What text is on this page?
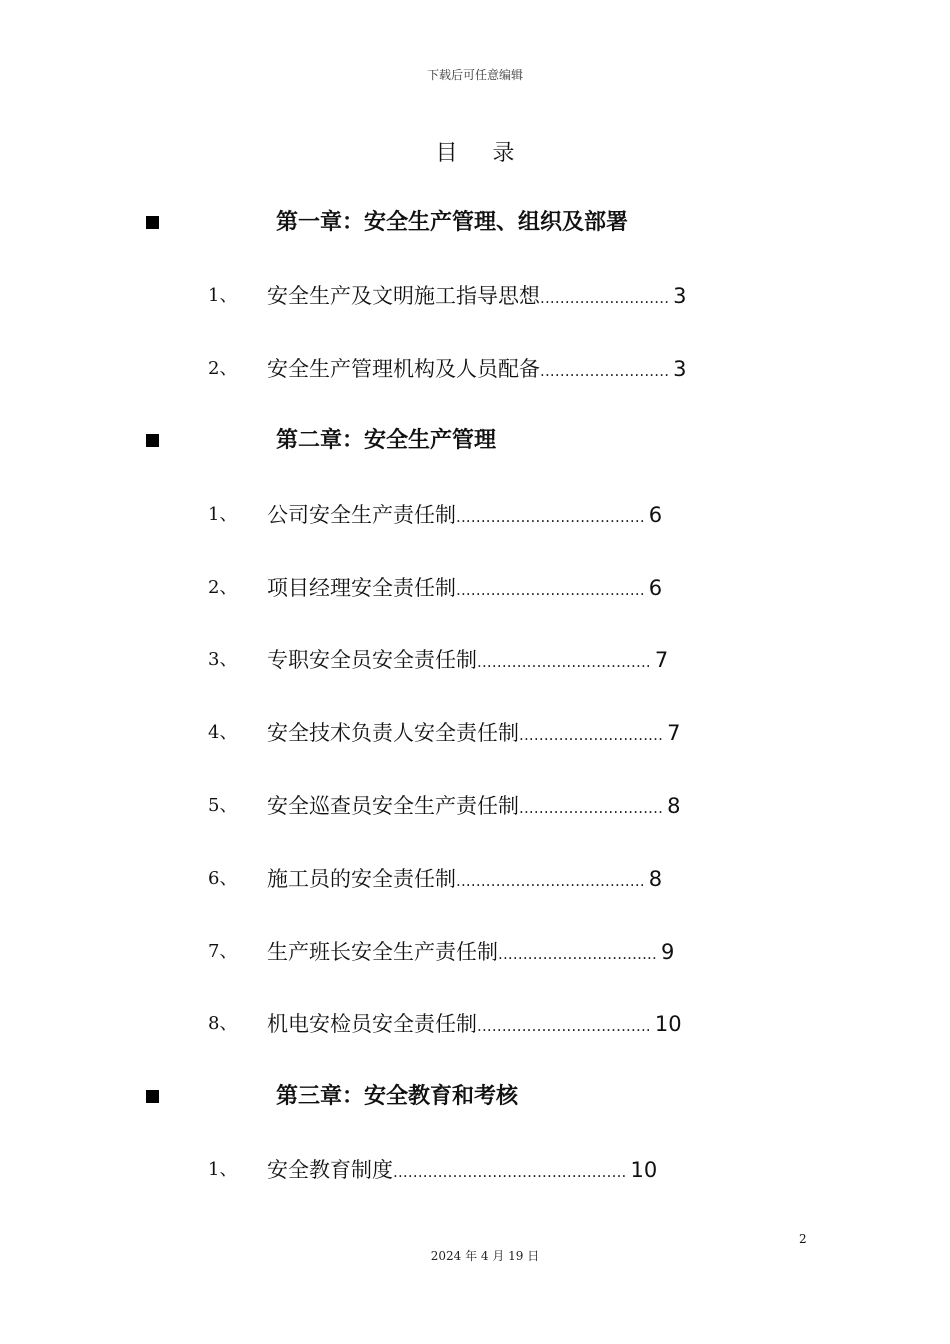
下载后可任意编辑
目 录
第一章：安全生产管理、组织及部署
1、 安全生产及文明施工指导思想 .......................... 3
2、 安全生产管理机构及人员配备 .......................... 3
第二章：安全生产管理
1、 公司安全生产责任制 ...................................... 6
2、 项目经理安全责任制 ...................................... 6
3、 专职安全员安全责任制 ................................... 7
4、 安全技术负责人安全责任制 ............................. 7
5、 安全巡查员安全生产责任制 ............................. 8
6、 施工员的安全责任制 ...................................... 8
7、 生产班长安全生产责任制 ................................ 9
8、 机电安检员安全责任制 ................................... 10
第三章：安全教育和考核
1、 安全教育制度 ............................................... 10
2
2024 年 4 月 19 日
